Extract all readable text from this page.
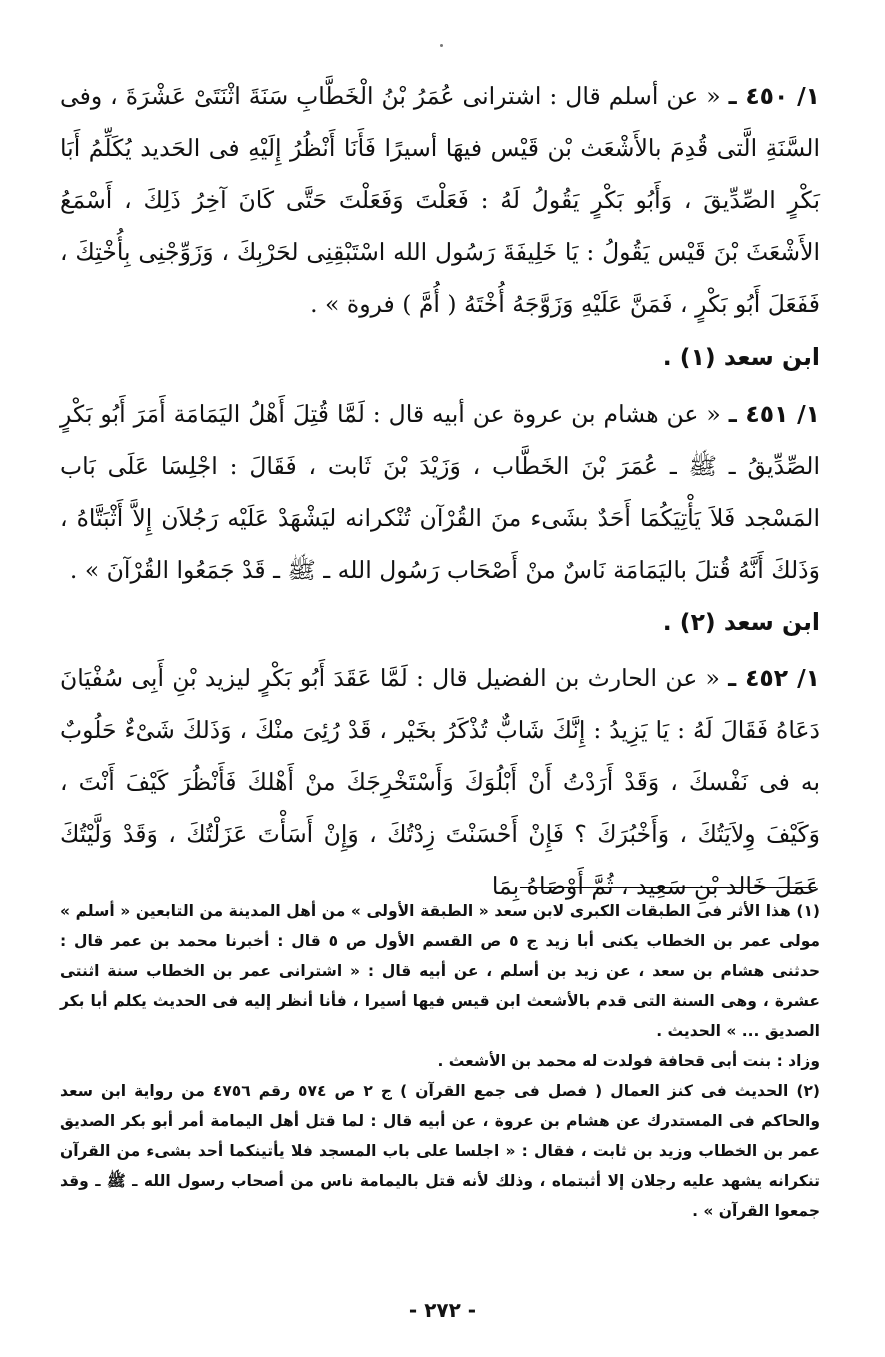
١/ ٤٥٠ ـ « عن أسلم قال : اشترانى عُمَرُ بْنُ الْخَطَّابِ سَنَةَ اثْنَتَىْ عَشْرَةَ ، وفى السَّنَةِ الَّتى قُدِمَ بالأَشْعَث بْن قَيْس فيهَا أسيرًا فَأَنَا أَنْظُرُ إِلَيْهِ فى الحَديد يُكَلِّمُ أَبَا بَكْرٍ الصِّدِّيقَ ، وَأَبُو بَكْرٍ يَقُولُ لَهُ : فَعَلْتَ وَفَعَلْتَ حَتَّى كَانَ آخِرُ ذَلِكَ ، أَسْمَعُ الأَشْعَثَ بْنَ قَيْس يَقُولُ : يَا خَلِيفَةَ رَسُول الله اسْتَبْقِنِى لحَرْبِكَ ، وَزَوِّجْنِى بِأُخْتِكَ ، فَفَعَلَ أَبُو بَكْرٍ ، فَمَنَّ عَلَيْهِ وَزَوَّجَهُ أُخْتَهُ ( أُمَّ ) فروة » .

ابن سعد (١) .

١/ ٤٥١ ـ « عن هشام بن عروة عن أبيه قال : لَمَّا قُتِلَ أَهْلُ اليَمَامَة أَمَرَ أَبُو بَكْرٍ الصِّدِّيقُ ـ ﷺ ـ عُمَرَ بْنَ الخَطَّاب ، وَزَيْدَ بْنَ ثَابت ، فَقَالَ : اجْلِسَا عَلَى بَاب المَسْجد فَلاَ يَأْتِيَكُمَا أَحَدٌ بشَىء منَ القُرْآن تُنْكرانه ليَشْهَدْ عَلَيْه رَجُلاَن إِلاَّ أَثْبَتَّاهُ ، وَذَلكَ أَنَّهُ قُتلَ باليَمَامَة نَاسٌ منْ أَصْحَاب رَسُول الله ـ ﷺ ـ قَدْ جَمَعُوا القُرْآنَ » .

ابن سعد (٢) .

١/ ٤٥٢ ـ « عن الحارث بن الفضيل قال : لَمَّا عَقَدَ أَبُو بَكْرٍ ليزيد بْنِ أَبِى سُفْيَانَ دَعَاهُ فَقَالَ لَهُ : يَا يَزِيدُ : إِنَّكَ شَابٌّ تُذْكَرُ بخَيْر ، قَدْ رُئِىَ منْكَ ، وَذَلكَ شَىْءٌ حَلُوبٌ به فى نَفْسكَ ، وَقَدْ أَرَدْتُ أَنْ أَبْلُوَكَ وَأَسْتَخْرِجَكَ منْ أَهْلكَ فَأَنْظُرَ كَيْفَ أَنْتَ ، وَكَيْفَ وِلاَيَتُكَ ، وَأَخْبُرَكَ ؟ فَإِنْ أَحْسَنْتَ زِدْتُكَ ، وَإِنْ أَسَأْتَ عَزَلْتُكَ ، وَقَدْ وَلَّيْتُكَ عَمَلَ خَالد بْنِ سَعِيد ، ثُمَّ أَوْصَاهُ بِمَا

(١) هذا الأثر فى الطبقات الكبرى لابن سعد « الطبقة الأولى » من أهل المدينة من التابعين « أسلم » مولى عمر بن الخطاب يكنى أبا زيد ج ٥ ص القسم الأول ص ٥ قال : أخبرنا محمد بن عمر قال : حدثنى هشام بن سعد ، عن زيد بن أسلم ، عن أبيه قال : « اشترانى عمر بن الخطاب سنة اثنتى عشرة ، وهى السنة التى قدم بالأشعث ابن قيس فيها أسيرا ، فأنا أنظر إليه فى الحديث يكلم أبا بكر الصديق ... » الحديث .

وزاد : بنت أبى قحافة فولدت له محمد بن الأشعث .

(٢) الحديث فى كنز العمال ( فصل فى جمع القرآن ) ج ٢ ص ٥٧٤ رقم ٤٧٥٦ من رواية ابن سعد والحاكم فى المستدرك عن هشام بن عروة ، عن أبيه قال : لما قتل أهل اليمامة أمر أبو بكر الصديق عمر بن الخطاب وزيد بن ثابت ، فقال : « اجلسا على باب المسجد فلا يأتينكما أحد بشىء من القرآن تنكرانه يشهد عليه رجلان إلا أثبتماه ، وذلك لأنه قتل باليمامة ناس من أصحاب رسول الله ـ ﷺ ـ وقد جمعوا القرآن » .

- ٢٧٢ -
